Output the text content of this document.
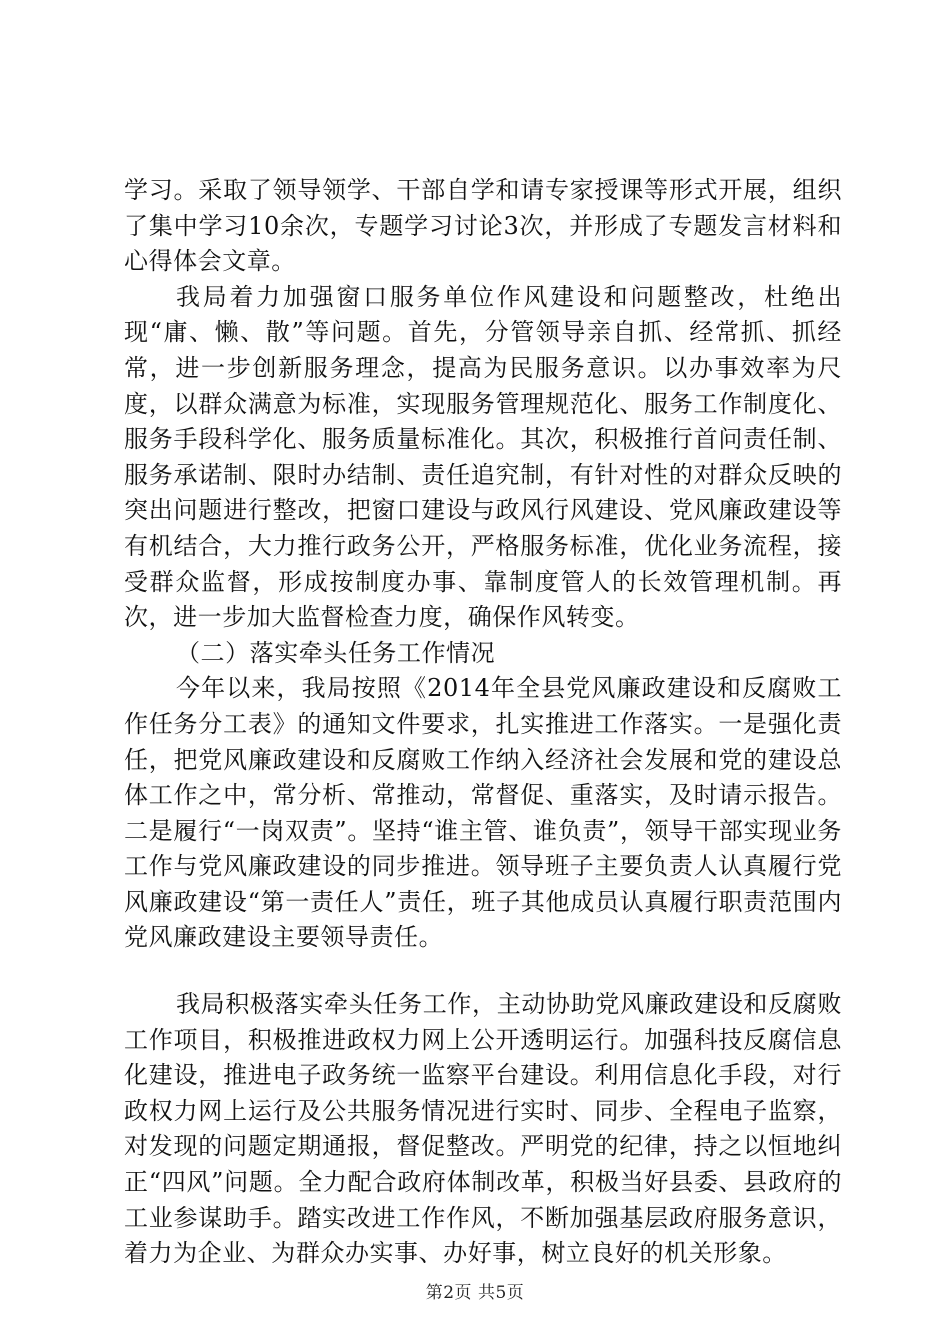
学习。采取了领导领学、干部自学和请专家授课等形式开展，组织了集中学习10余次，专题学习讨论3次，并形成了专题发言材料和心得体会文章。

我局着力加强窗口服务单位作风建设和问题整改，杜绝出现“庸、懒、散”等问题。首先，分管领导亲自抓、经常抓、抓经常，进一步创新服务理念，提高为民服务意识。以办事效率为尺度，以群众满意为标准，实现服务管理规范化、服务工作制度化、服务手段科学化、服务质量标准化。其次，积极推行首问责任制、服务承诺制、限时办结制、责任追究制，有针对性的对群众反映的突出问题进行整改，把窗口建设与政风行风建设、党风廉政建设等有机结合，大力推行政务公开，严格服务标准，优化业务流程，接受群众监督，形成按制度办事、靠制度管人的长效管理机制。再次，进一步加大监督检查力度，确保作风转变。

（二）落实牵头任务工作情况

今年以来，我局按照《2014年全县党风廉政建设和反腐败工作任务分工表》的通知文件要求，扎实推进工作落实。一是强化责任，把党风廉政建设和反腐败工作纳入经济社会发展和党的建设总体工作之中，常分析、常推动，常督促、重落实，及时请示报告。二是履行“一岗双责”。坚持“谁主管、谁负责”，领导干部实现业务工作与党风廉政建设的同步推进。领导班子主要负责人认真履行党风廉政建设“第一责任人”责任，班子其他成员认真履行职责范围内党风廉政建设主要领导责任。

我局积极落实牵头任务工作，主动协助党风廉政建设和反腐败工作项目，积极推进政权力网上公开透明运行。加强科技反腐信息化建设，推进电子政务统一监察平台建设。利用信息化手段，对行政权力网上运行及公共服务情况进行实时、同步、全程电子监察，对发现的问题定期通报，督促整改。严明党的纪律，持之以恒地纠正“四风”问题。全力配合政府体制改革，积极当好县委、县政府的工业参谋助手。踏实改进工作作风，不断加强基层政府服务意识，着力为企业、为群众办实事、办好事，树立良好的机关形象。

第2页 共5页
